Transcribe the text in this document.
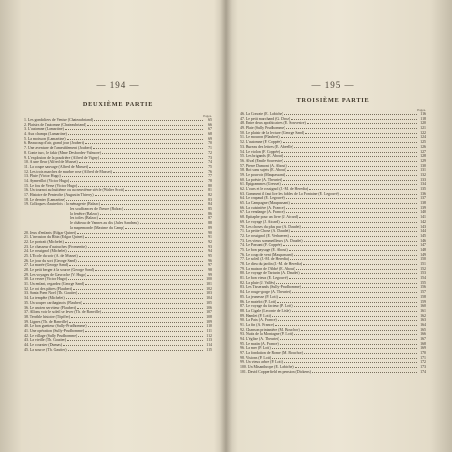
— 194 —
DEUXIÈME PARTIE
Pages.
1. Les gondoliers de Venise (Chateaubriand)	65
2. Plaisirs de l'automne (Chateaubriand)	66
3. L'automne (Lamartine)	67
4. Aux champs (Lamartine)	68
5. La moisson (Lamartine)	69
6. Beaucoup d'air, grand jour (Joubert)	70
7. Une aventure de l'ameublement (Joubert)	71
8. Conte turc, le fakir (Mme Desbordes-Valmore)	72
9. L'explosion de la poudrière (Alfred de Vigny)	73
10. A une fleur (Alfred de Musset)	74
11. La coupe sauvage (Alfred de Musset)	75
12. Les trois marches de marbre rose (Alfred de Musset)	76
13. Pluie (Victor Hugo)	77
14. Aymerillot (Victor Hugo)	78
15. Le fou de Verse (Victor Hugo)	80
16. Un tournoi au huitième ou au neuvième siècle (Walter Scott)	81
17. Histoire de Pentecôte (Augustin Thierry)	82
18. Le dernier (Lamartine)	83
19. Colloques d'autrefois : la ménagerie (Balzac)	84
les souffrances de l'heure (Balzac)	85
la fenêtre (Balzac)	86
les toiles (Balzac)	87
le château de Vannes au dix (Jules Sandeau)	88
la mapemonde (Maxime du Camp)	89
20. Jeux d'enfants (Edgar Quinet)	90
21. L'invasion du Rhin (Edgar Quinet)	91
22. Le portrait (Michelet)	92
23. Le chasseur d'autruches (Fromentin)	93
24. Le rossignol (Michelet)	94
25. L'École du soir (A. de Musset)	95
26. Le jour du sort (George Sand)	96
27. La marée (George Sand)	97
28. Le petit berger à la source (George Sand)	98
29. Les voyages de Gavroche (V. Hugo)	99
30. La veuve (Victor Hugo)	100
31. Un enfant, regardez (George Sand)	101
32. Le roi des pâtres (Flaubert)	102
33. Santa Poen Noel (Th. Gautier)	103
34. La tempête (Michelet)	104
35. Un souper carthaginois (Flaubert)	105
36. Le ancien serviteur (Flaubert)	106
37. Allons voir le soleil se lever (Th. de Banville)	107
38. Terrible histoire (Töpffer)	108
39. Lignes (Th. de Banville)	109
40. Le bon guetteur (Sully-Prudhomme)	110
41. Une opération (Sully-Prudhomme)	111
42. Le village (Sully Prudhomme)	112
43. La vieille (Th. Gautier)	113
44. Le coursier (Dumas)	114
45. La source (Th. Gautier)	115
— 195 —
TROISIÈME PARTIE
Pages.
46. La Cravate (E. Labiche)	116
47. Le petit marchand (G. Droz)	118
48. Entre deux apothicaires (E. Souvestre)	120
49. Plaie (Sully Prudhomme)	121
50. Le plaisir de la lecture (George Sand)	122
51. Le mouron (Flaubert)	124
52. L'automne (F. Coppée)	125
53. Bureau des lettres (E. Abeelle)	126
54. Le violon (F. Coppée)	127
55. Les brigands (E. About)	128
56. Alval (Emile Souvestre)	129
57. Pierre Dumont (A. About)	130
58. Roi sans sujets (E. About)	131
59. Le pouvoir (Maupassant)	132
60. La poésie (A. Theuriet)	133
61. Épigrammes (Gresset)	134
62. L'ours et le rossignol (J.-M. de Heredia)	135
63. Comment il faut lire les fables de La Fontaine (E. Legouvé)	136
64. Le crapaud (E. Legouvé)	137
65. La Campagne (Maupassant)	138
66. La cuisinière (A. France)	139
67. La vendange (A. France)	140
68. Épitaphe pour un livre (J. Aicard)	141
69. Le voyage (J. Aicard)	142
70. Les choses du plus pur (A. Daudet)	143
71. La petite Chose (A. Daudet)	144
72. Le rossignol (E. Verhaeren)	145
73. Les vieux sommeilleurs (A. Daudet)	146
74. Le Passant (F. Coppée)	147
75. Le bon paysage (E. About)	148
76. Le coup de vent (Maupassant)	149
77. Le soleil (J.-M. de Heredia)	150
78. Le dieu du jardin (J.-M. de Heredia)	151
79. La maison de l'Abbé (E. About)	152
80. Le voyage de Tartarin (A. Daudet)	153
81. Le bon vieux (E. Legouvé)	154
82. La pluie (J. Vallès)	155
83. Les Tisserands (Sully-Prudhomme)	156
84. Le rouge-gorge (A. Theuriet)	157
85. La jeunesse (P. Loti)	158
86. Le matelot (P. Loti)	159
87. Le voyage du facteur (P. Loti)	160
88. La Cigale (Leconte de Lisle)	161
89. Hamlet (P. Loti)	162
90. La Paix (A. France)	163
91. La fin (A. France)	164
92. Chanson printanière (M. Bouchor)	165
93. Nuits de la Montagne (P. Loti)	166
94. L'église (A. Theuriet)	167
95. Le matin (A. France)	168
96. La mer (P. Loti)	169
97. La fondation de Rome (M. Bouchor)	170
98. Visions (P. Loti)	171
99. Un vieux arbre (P. Loti)	172
100. Un Misanthrope (E. Labiche)	173
101. David Copperfield en pension (Dickens)	174
